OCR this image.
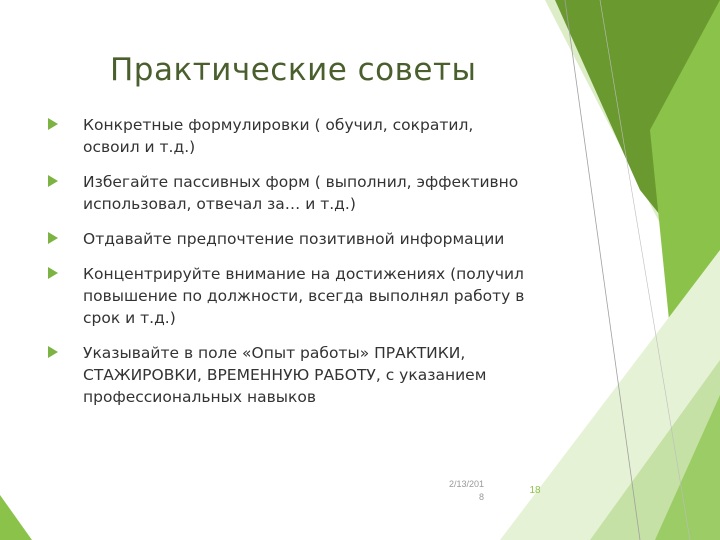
Практические советы
Конкретные формулировки ( обучил, сократил,
освоил и т.д.)
Избегайте пассивных форм ( выполнил, эффективно
использовал, отвечал за… и т.д.)
Отдавайте предпочтение позитивной информации
Концентрируйте внимание на достижениях (получил
повышение по должности, всегда выполнял работу в
срок и т.д.)
Указывайте в поле «Опыт работы» ПРАКТИКИ,
СТАЖИРОВКИ, ВРЕМЕННУЮ РАБОТУ, с указанием
профессиональных навыков
2/13/201
8
18
